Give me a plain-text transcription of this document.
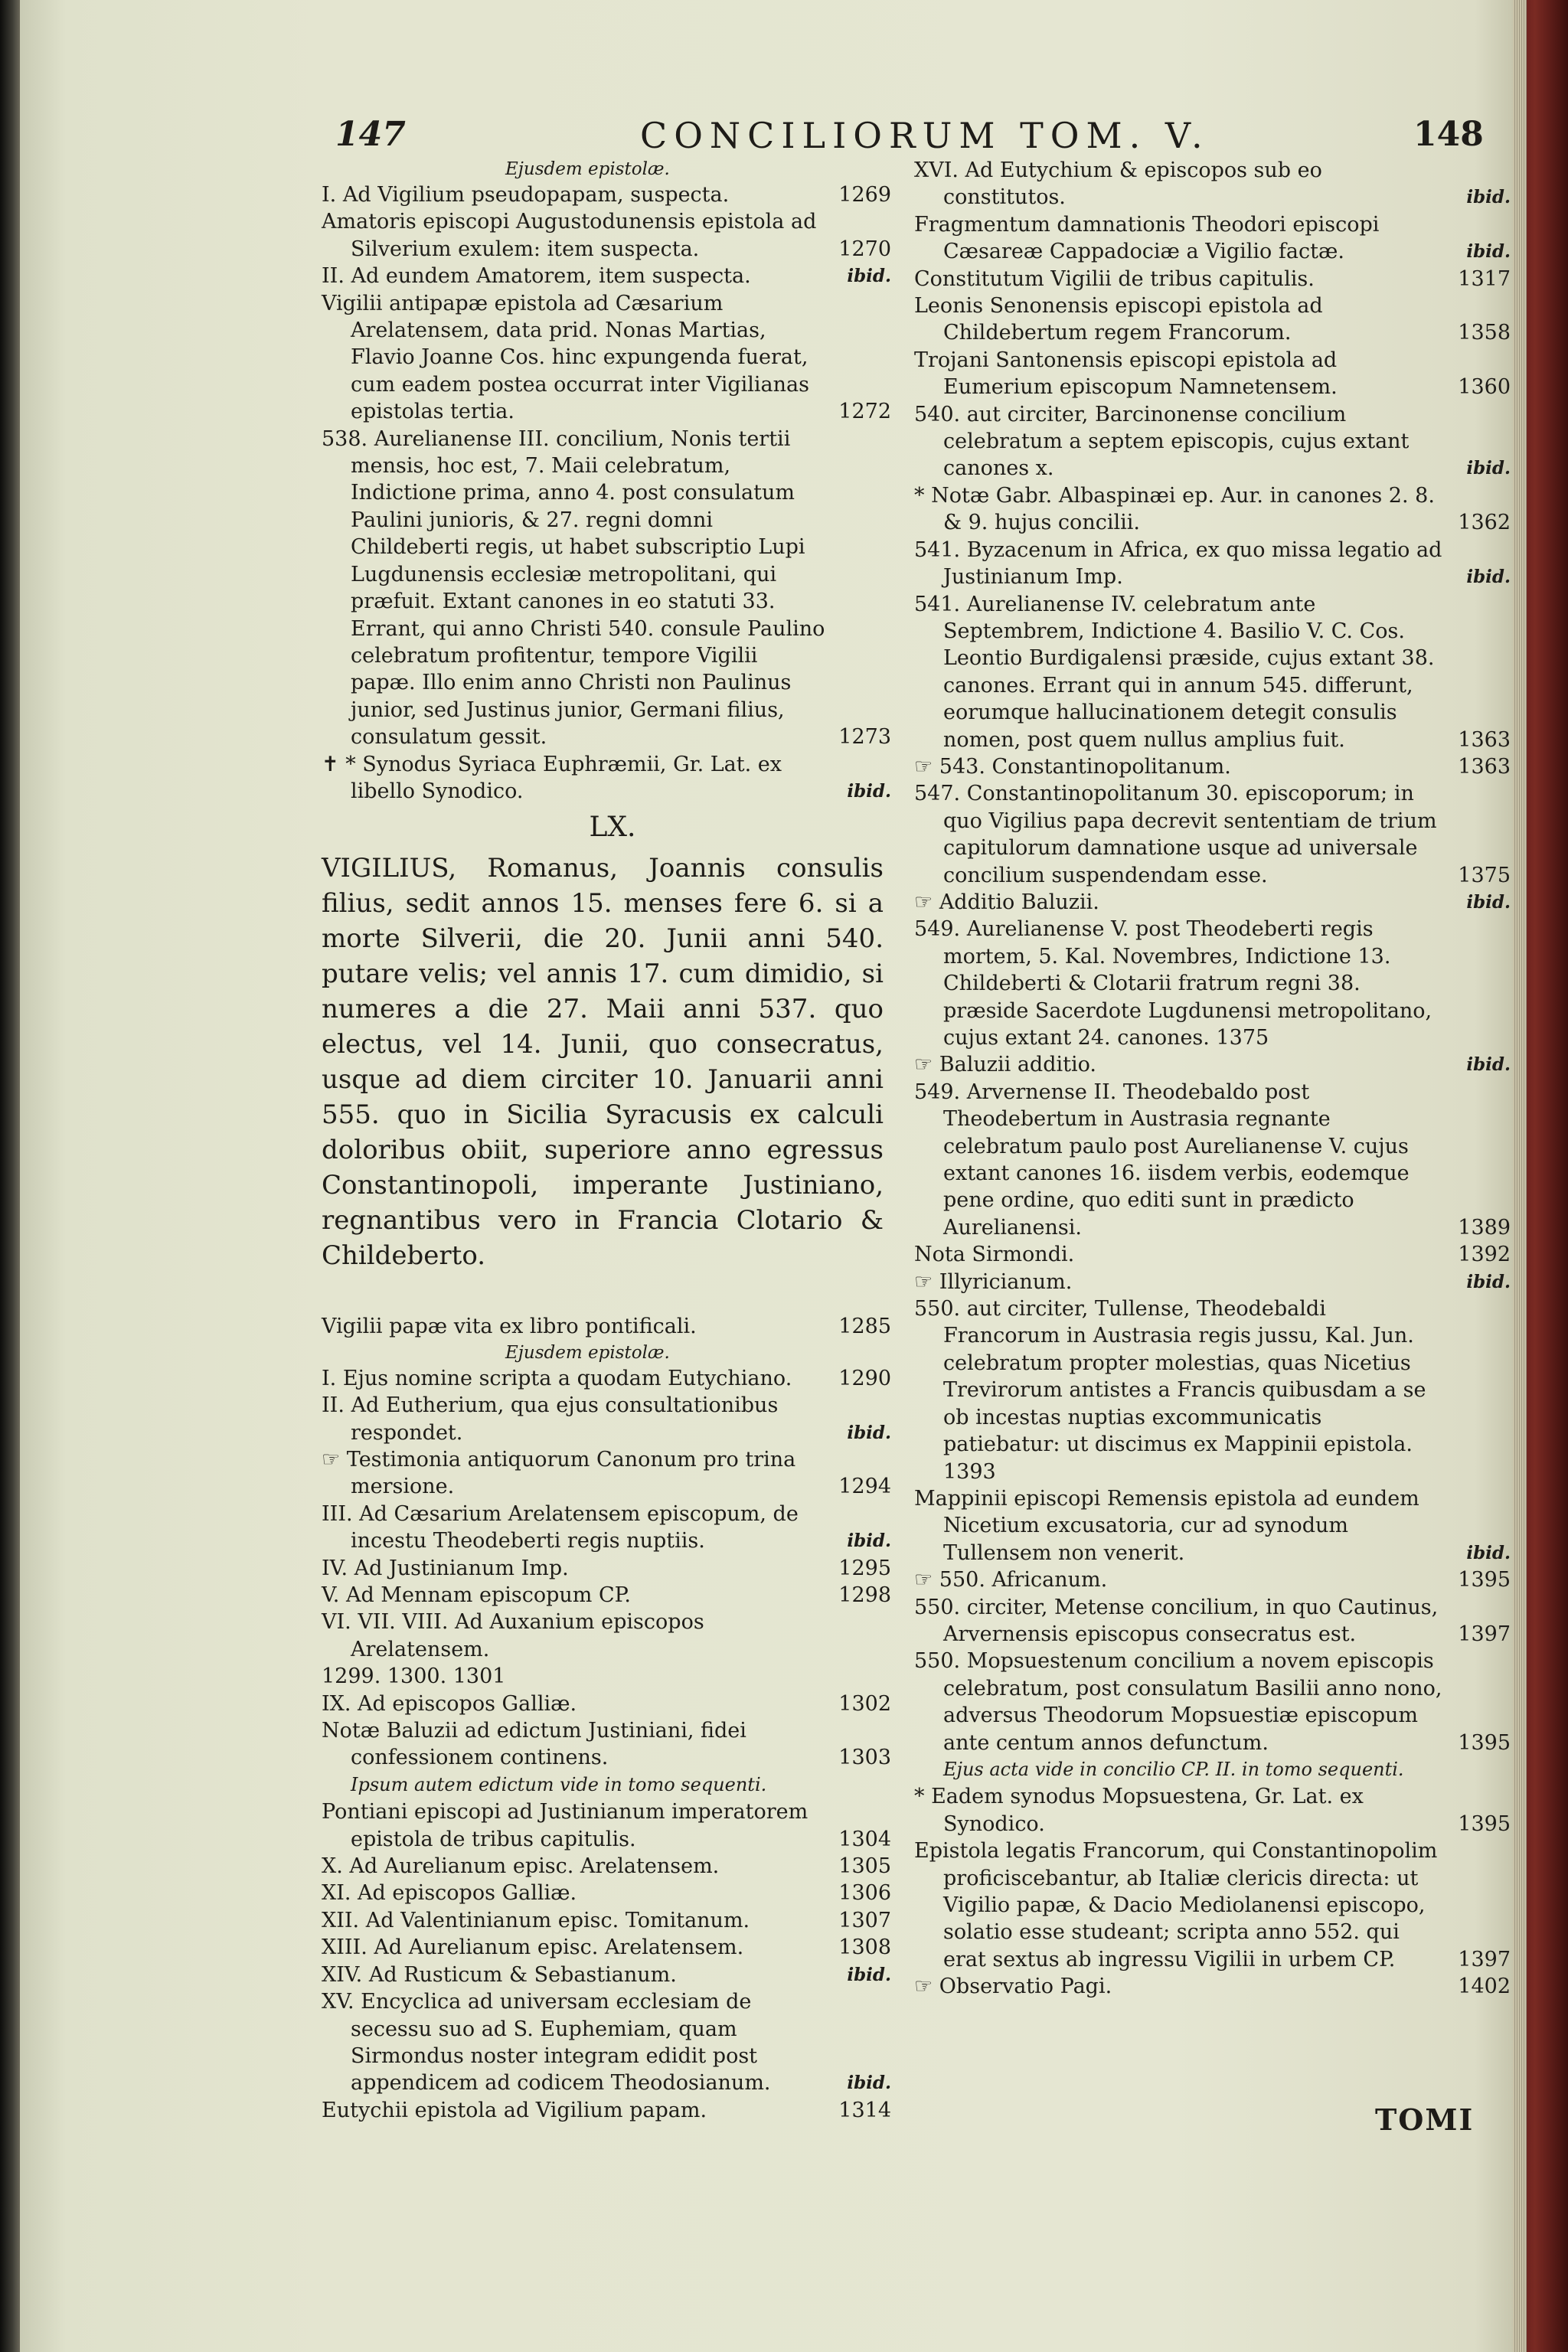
147	CONCILIORUM TOM. V.	148
Ejusdem epistolæ.
I. Ad Vigilium pseudopapam, suspecta.	1269
Amatoris episcopi Augustodunensis epistola ad Silverium exulem: item suspecta.	1270
II. Ad eundem Amatorem, item suspecta.	ibid.
Vigilii antipapæ epistola ad Cæsarium Arelatensem, data prid. Nonas Martias, Flavio Joanne Cos. hinc expungenda fuerat, cum eadem postea occurrat inter Vigilianas epistolas tertia.	1272
538. Aurelianense III. concilium, Nonis tertii mensis, hoc est, 7. Maii celebratum, Indictione prima, anno 4. post consulatum Paulini junioris, & 27. regni domni Childeberti regis, ut habet subscriptio Lupi Lugdunensis ecclesiæ metropolitani, qui præfuit. Extant canones in eo statuti 33. Errant, qui anno Christi 540. consule Paulino celebratum profitentur, tempore Vigilii papæ. Illo enim anno Christi non Paulinus junior, sed Justinus junior, Germani filius, consulatum gessit.	1273
✝ * Synodus Syriaca Euphræmii, Gr. Lat. ex libello Synodico.	ibid.
LX.
VIGILIUS, Romanus, Joannis consulis filius, sedit annos 15. menses fere 6. si a morte Silverii, die 20. Junii anni 540. putare velis; vel annis 17. cum dimidio, si numeres a die 27. Maii anni 537. quo electus, vel 14. Junii, quo consecratus, usque ad diem circiter 10. Januarii anni 555. quo in Sicilia Syracusis ex calculi doloribus obiit, superiore anno egressus Constantinopoli, imperante Justiniano, regnantibus vero in Francia Clotario & Childeberto.
Vigilii papæ vita ex libro pontificali.	1285
Ejusdem epistolæ.
I. Ejus nomine scripta a quodam Eutychiano.	1290
II. Ad Eutherium, qua ejus consultationibus respondet.	ibid.
☞ Testimonia antiquorum Canonum pro trina mersione.	1294
III. Ad Cæsarium Arelatensem episcopum, de incestu Theodeberti regis nuptiis.	ibid.
IV. Ad Justinianum Imp.	1295
V. Ad Mennam episcopum CP.	1298
VI. VII. VIII. Ad Auxanium episcopos Arelatensem.
1299. 1300. 1301
IX. Ad episcopos Galliæ.	1302
Notæ Baluzii ad edictum Justiniani, fidei confessionem continens.	1303
Ipsum autem edictum vide in tomo sequenti.
Pontiani episcopi ad Justinianum imperatorem epistola de tribus capitulis.	1304
X. Ad Aurelianum episc. Arelatensem.	1305
XI. Ad episcopos Galliæ.	1306
XII. Ad Valentinianum episc. Tomitanum.	1307
XIII. Ad Aurelianum episc. Arelatensem.	1308
XIV. Ad Rusticum & Sebastianum.	ibid.
XV. Encyclica ad universam ecclesiam de secessu suo ad S. Euphemiam, quam Sirmondus noster integram edidit post appendicem ad codicem Theodosianum.	ibid.
Eutychii epistola ad Vigilium papam.	1314
XVI. Ad Eutychium & episcopos sub eo constitutos.	ibid.
Fragmentum damnationis Theodori episcopi Cæsareæ Cappadociæ a Vigilio factæ.	ibid.
Constitutum Vigilii de tribus capitulis.	1317
Leonis Senonensis episcopi epistola ad Childebertum regem Francorum.	1358
Trojani Santonensis episcopi epistola ad Eumerium episcopum Namnetensem.	1360
540. aut circiter, Barcinonense concilium celebratum a septem episcopis, cujus extant canones x.	ibid.
* Notæ Gabr. Albaspinæi ep. Aur. in canones 2. 8. & 9. hujus concilii.	1362
541. Byzacenum in Africa, ex quo missa legatio ad Justinianum Imp.	ibid.
541. Aurelianense IV. celebratum ante Septembrem, Indictione 4. Basilio V. C. Cos. Leontio Burdigalensi præside, cujus extant 38. canones. Errant qui in annum 545. differunt, eorumque hallucinationem detegit consulis nomen, post quem nullus amplius fuit.	1363
☞ 543. Constantinopolitanum.	1363
547. Constantinopolitanum 30. episcoporum; in quo Vigilius papa decrevit sententiam de trium capitulorum damnatione usque ad universale concilium suspendendam esse.	1375
☞ Additio Baluzii.	ibid.
549. Aurelianense V. post Theodeberti regis mortem, 5. Kal. Novembres, Indictione 13. Childeberti & Clotarii fratrum regni 38. præside Sacerdote Lugdunensi metropolitano, cujus extant 24. canones. 1375
☞ Baluzii additio.	ibid.
549. Arvernense II. Theodebaldo post Theodebertum in Austrasia regnante celebratum paulo post Aurelianense V. cujus extant canones 16. iisdem verbis, eodemque pene ordine, quo editi sunt in prædicto Aurelianensi.	1389
Nota Sirmondi.	1392
☞ Illyricianum.	ibid.
550. aut circiter, Tullense, Theodebaldi Francorum in Austrasia regis jussu, Kal. Jun. celebratum propter molestias, quas Nicetius Trevirorum antistes a Francis quibusdam a se ob incestas nuptias excommunicatis patiebatur: ut discimus ex Mappinii epistola. 1393
Mappinii episcopi Remensis epistola ad eundem Nicetium excusatoria, cur ad synodum Tullensem non venerit.	ibid.
☞ 550. Africanum.	1395
550. circiter, Metense concilium, in quo Cautinus, Arvernensis episcopus consecratus est.	1397
550. Mopsuestenum concilium a novem episcopis celebratum, post consulatum Basilii anno nono, adversus Theodorum Mopsuestiæ episcopum ante centum annos defunctum.	1395
Ejus acta vide in concilio CP. II. in tomo sequenti.
* Eadem synodus Mopsuestena, Gr. Lat. ex Synodico.	1395
Epistola legatis Francorum, qui Constantinopolim proficiscebantur, ab Italiæ clericis directa: ut Vigilio papæ, & Dacio Mediolanensi episcopo, solatio esse studeant; scripta anno 552. qui erat sextus ab ingressu Vigilii in urbem CP.	1397
☞ Observatio Pagi.	1402
TOMI
